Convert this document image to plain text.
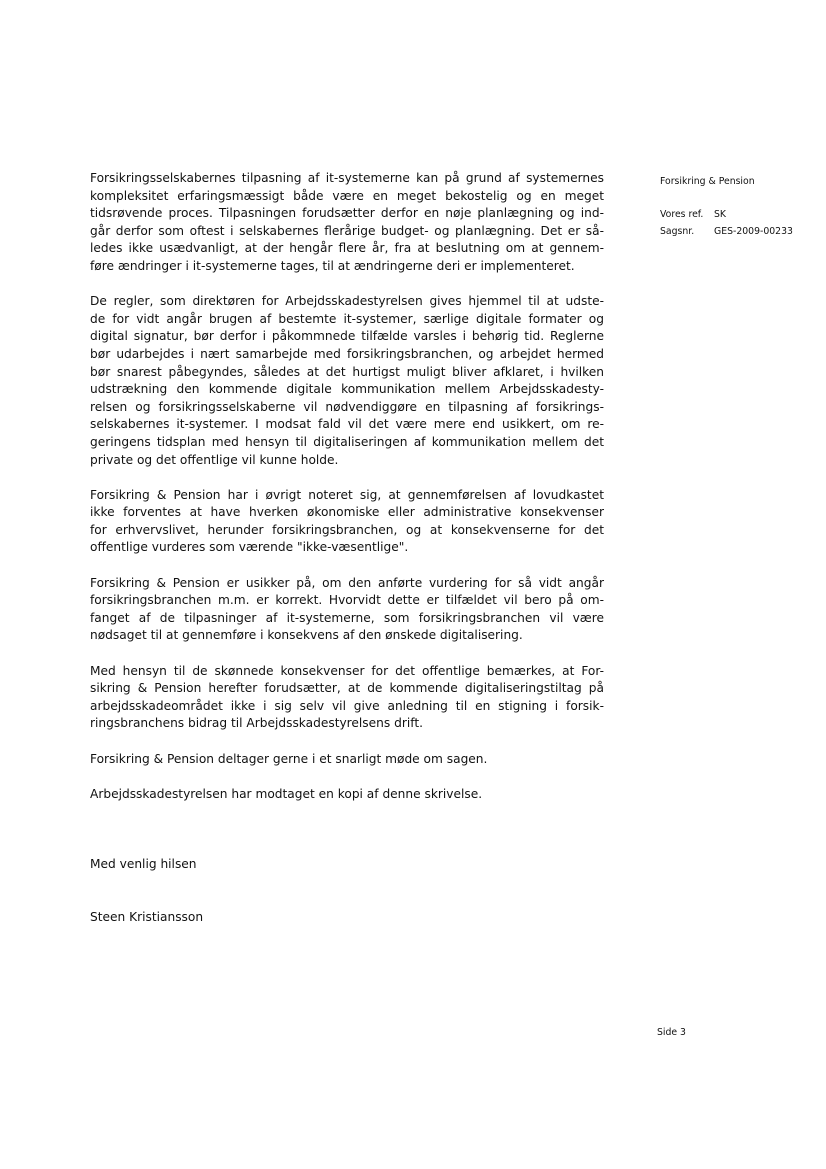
Forsikring & Pension
Vores ref.	SK
Sagsnr.	GES-2009-00233
Forsikringsselskabernes tilpasning af it-systemerne kan på grund af systemernes
kompleksitet erfaringsmæssigt både være en meget bekostelig og en meget
tidsrøvende proces. Tilpasningen forudsætter derfor en nøje planlægning og ind-
går derfor som oftest i selskabernes flerårige budget- og planlægning. Det er så-
ledes ikke usædvanligt, at der hengår flere år, fra at beslutning om at gennem-
føre ændringer i it-systemerne tages, til at ændringerne deri er implementeret.
De regler, som direktøren for Arbejdsskadestyrelsen gives hjemmel til at udste-
de for vidt angår brugen af bestemte it-systemer, særlige digitale formater og
digital signatur, bør derfor i påkommnede tilfælde varsles i behørig tid. Reglerne
bør udarbejdes i nært samarbejde med forsikringsbranchen, og arbejdet hermed
bør snarest påbegyndes, således at det hurtigst muligt bliver afklaret, i hvilken
udstrækning den kommende digitale kommunikation mellem Arbejdsskadesty-
relsen og forsikringsselskaberne vil nødvendiggøre en tilpasning af forsikrings-
selskabernes it-systemer. I modsat fald vil det være mere end usikkert, om re-
geringens tidsplan med hensyn til digitaliseringen af kommunikation mellem det
private og det offentlige vil kunne holde.
Forsikring & Pension har i øvrigt noteret sig, at gennemførelsen af lovudkastet
ikke forventes at have hverken økonomiske eller administrative konsekvenser
for erhvervslivet, herunder forsikringsbranchen, og at konsekvenserne for det
offentlige vurderes som værende "ikke-væsentlige".
Forsikring & Pension er usikker på, om den anførte vurdering for så vidt angår
forsikringsbranchen m.m. er korrekt. Hvorvidt dette er tilfældet vil bero på om-
fanget af de tilpasninger af it-systemerne, som forsikringsbranchen vil være
nødsaget til at gennemføre i konsekvens af den ønskede digitalisering.
Med hensyn til de skønnede konsekvenser for det offentlige bemærkes, at For-
sikring & Pension herefter forudsætter, at de kommende digitaliseringstiltag på
arbejdsskadeområdet ikke i sig selv vil give anledning til en stigning i forsik-
ringsbranchens bidrag til Arbejdsskadestyrelsens drift.
Forsikring & Pension deltager gerne i et snarligt møde om sagen.
Arbejdsskadestyrelsen har modtaget en kopi af denne skrivelse.

Med venlig hilsen

Steen Kristiansson

Side 3
